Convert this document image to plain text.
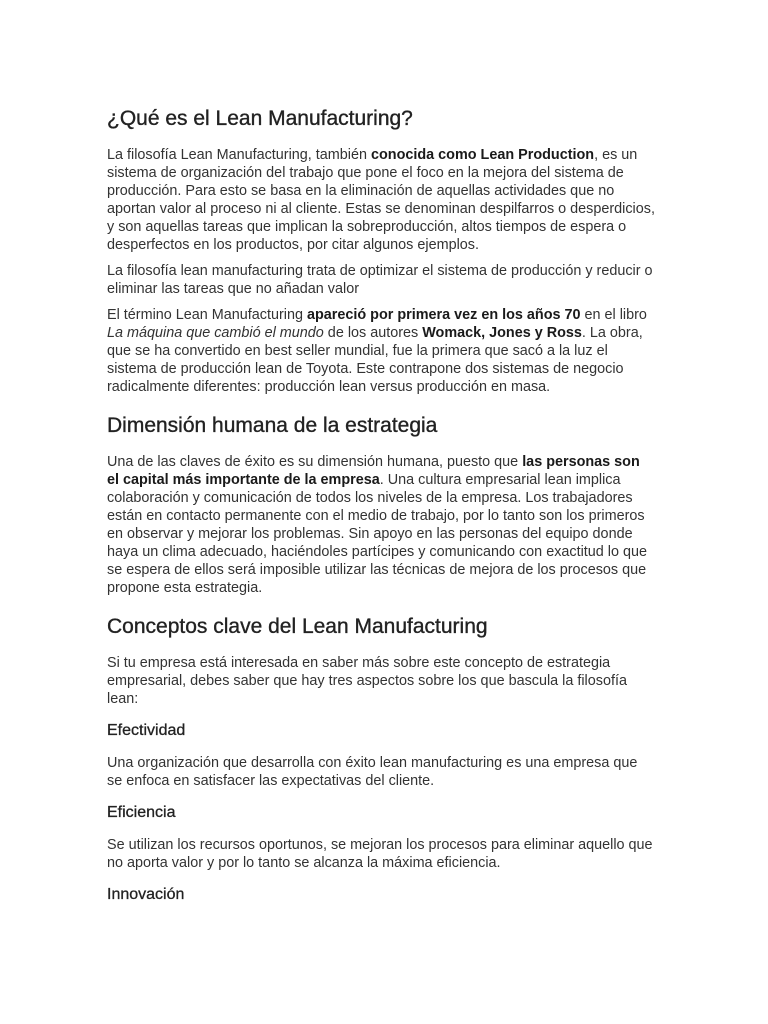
¿Qué es el Lean Manufacturing?

La filosofía Lean Manufacturing, también conocida como Lean Production, es un sistema de organización del trabajo que pone el foco en la mejora del sistema de producción. Para esto se basa en la eliminación de aquellas actividades que no aportan valor al proceso ni al cliente. Estas se denominan despilfarros o desperdicios, y son aquellas tareas que implican la sobreproducción, altos tiempos de espera o desperfectos en los productos, por citar algunos ejemplos.

La filosofía lean manufacturing trata de optimizar el sistema de producción y reducir o eliminar las tareas que no añadan valor

El término Lean Manufacturing apareció por primera vez en los años 70 en el libro La máquina que cambió el mundo de los autores Womack, Jones y Ross. La obra, que se ha convertido en best seller mundial, fue la primera que sacó a la luz el sistema de producción lean de Toyota. Este contrapone dos sistemas de negocio radicalmente diferentes: producción lean versus producción en masa.

Dimensión humana de la estrategia

Una de las claves de éxito es su dimensión humana, puesto que las personas son el capital más importante de la empresa. Una cultura empresarial lean implica colaboración y comunicación de todos los niveles de la empresa. Los trabajadores están en contacto permanente con el medio de trabajo, por lo tanto son los primeros en observar y mejorar los problemas. Sin apoyo en las personas del equipo donde haya un clima adecuado, haciéndoles partícipes y comunicando con exactitud lo que se espera de ellos será imposible utilizar las técnicas de mejora de los procesos que propone esta estrategia.

Conceptos clave del Lean Manufacturing

Si tu empresa está interesada en saber más sobre este concepto de estrategia empresarial, debes saber que hay tres aspectos sobre los que bascula la filosofía lean:

Efectividad

Una organización que desarrolla con éxito lean manufacturing es una empresa que se enfoca en satisfacer las expectativas del cliente.

Eficiencia

Se utilizan los recursos oportunos, se mejoran los procesos para eliminar aquello que no aporta valor y por lo tanto se alcanza la máxima eficiencia.

Innovación
